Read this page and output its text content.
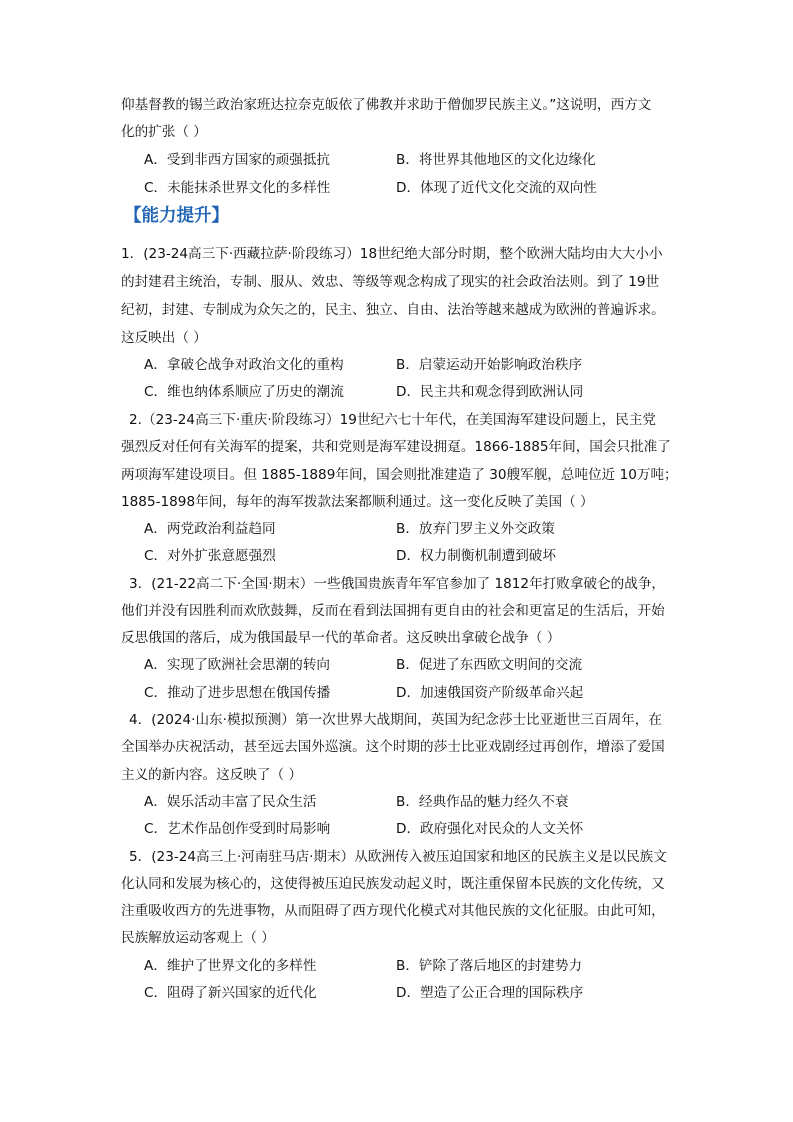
仰基督教的锡兰政治家班达拉奈克皈依了佛教并求助于僧伽罗民族主义。”这说明，西方文
化的扩张（ ）
A．受到非西方国家的顽强抵抗	B．将世界其他地区的文化边缘化
C．未能抹杀世界文化的多样性	D．体现了近代文化交流的双向性
【能力提升】
1．(23-24高三下·西藏拉萨·阶段练习）18世纪绝大部分时期，整个欧洲大陆均由大大小小
的封建君主统治，专制、服从、效忠、等级等观念构成了现实的社会政治法则。到了 19世
纪初，封建、专制成为众矢之的，民主、独立、自由、法治等越来越成为欧洲的普遍诉求。
这反映出（ ）
A．拿破仑战争对政治文化的重构	B．启蒙运动开始影响政治秩序
C．维也纳体系顺应了历史的潮流	D．民主共和观念得到欧洲认同
2.（23-24高三下·重庆·阶段练习）19世纪六七十年代，在美国海军建设问题上，民主党
强烈反对任何有关海军的提案，共和党则是海军建设拥趸。1866-1885年间，国会只批准了
两项海军建设项目。但 1885-1889年间，国会则批准建造了 30艘军舰，总吨位近 10万吨；
1885-1898年间，每年的海军拨款法案都顺利通过。这一变化反映了美国（ ）
A．两党政治利益趋同	B．放弃门罗主义外交政策
C．对外扩张意愿强烈	D．权力制衡机制遭到破坏
3．(21-22高二下·全国·期末）一些俄国贵族青年军官参加了 1812年打败拿破仑的战争，
他们并没有因胜利而欢欣鼓舞，反而在看到法国拥有更自由的社会和更富足的生活后，开始
反思俄国的落后，成为俄国最早一代的革命者。这反映出拿破仑战争（ ）
A．实现了欧洲社会思潮的转向	B．促进了东西欧文明间的交流
C．推动了进步思想在俄国传播	D．加速俄国资产阶级革命兴起
4．(2024·山东·模拟预测）第一次世界大战期间，英国为纪念莎士比亚逝世三百周年，在
全国举办庆祝活动，甚至远去国外巡演。这个时期的莎士比亚戏剧经过再创作，增添了爱国
主义的新内容。这反映了（ ）
A．娱乐活动丰富了民众生活	B．经典作品的魅力经久不衰
C．艺术作品创作受到时局影响	D．政府强化对民众的人文关怀
5．(23-24高三上·河南驻马店·期末）从欧洲传入被压迫国家和地区的民族主义是以民族文
化认同和发展为核心的，这使得被压迫民族发动起义时，既注重保留本民族的文化传统，又
注重吸收西方的先进事物，从而阻碍了西方现代化模式对其他民族的文化征服。由此可知，
民族解放运动客观上（ ）
A．维护了世界文化的多样性	B．铲除了落后地区的封建势力
C．阻碍了新兴国家的近代化	D．塑造了公正合理的国际秩序
